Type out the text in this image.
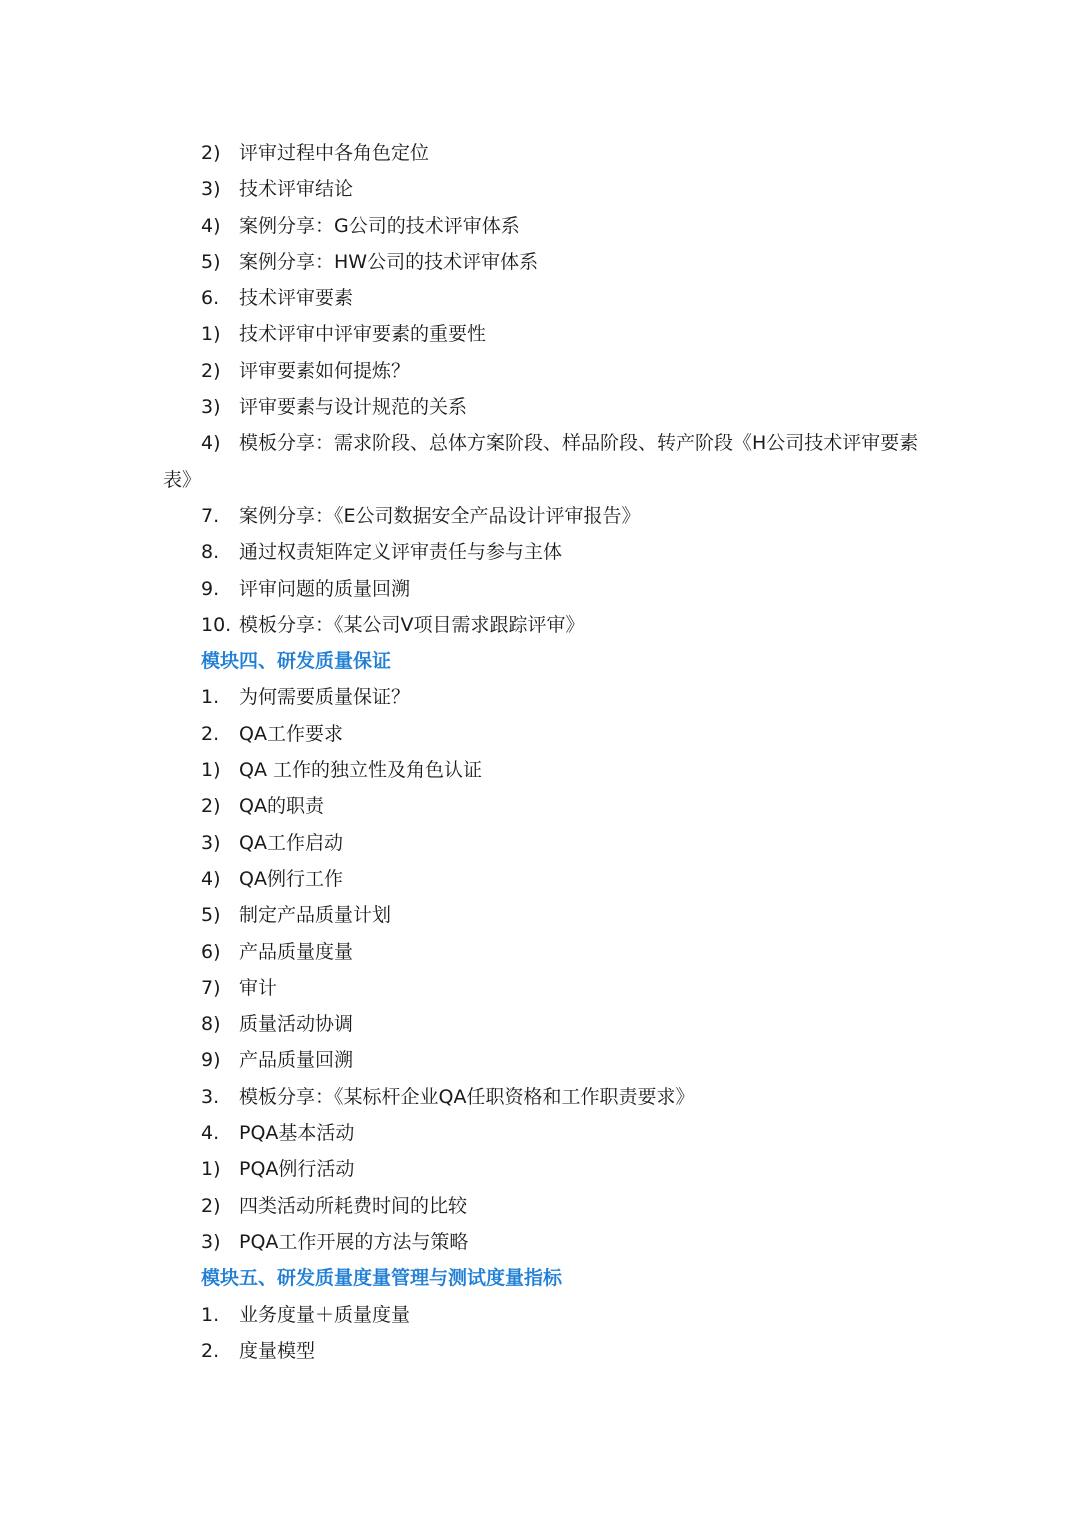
2) 评审过程中各角色定位
3) 技术评审结论
4) 案例分享：G公司的技术评审体系
5) 案例分享：HW公司的技术评审体系
6. 技术评审要素
1) 技术评审中评审要素的重要性
2) 评审要素如何提炼？
3) 评审要素与设计规范的关系
4) 模板分享：需求阶段、总体方案阶段、样品阶段、转产阶段《H公司技术评审要素
表》
7. 案例分享：《E公司数据安全产品设计评审报告》
8. 通过权责矩阵定义评审责任与参与主体
9. 评审问题的质量回溯
10. 模板分享：《某公司V项目需求跟踪评审》
模块四、研发质量保证
1. 为何需要质量保证？
2. QA工作要求
1) QA 工作的独立性及角色认证
2) QA的职责
3) QA工作启动
4) QA例行工作
5) 制定产品质量计划
6) 产品质量度量
7) 审计
8) 质量活动协调
9) 产品质量回溯
3. 模板分享：《某标杆企业QA任职资格和工作职责要求》
4. PQA基本活动
1) PQA例行活动
2) 四类活动所耗费时间的比较
3) PQA工作开展的方法与策略
模块五、研发质量度量管理与测试度量指标
1. 业务度量＋质量度量
2. 度量模型
